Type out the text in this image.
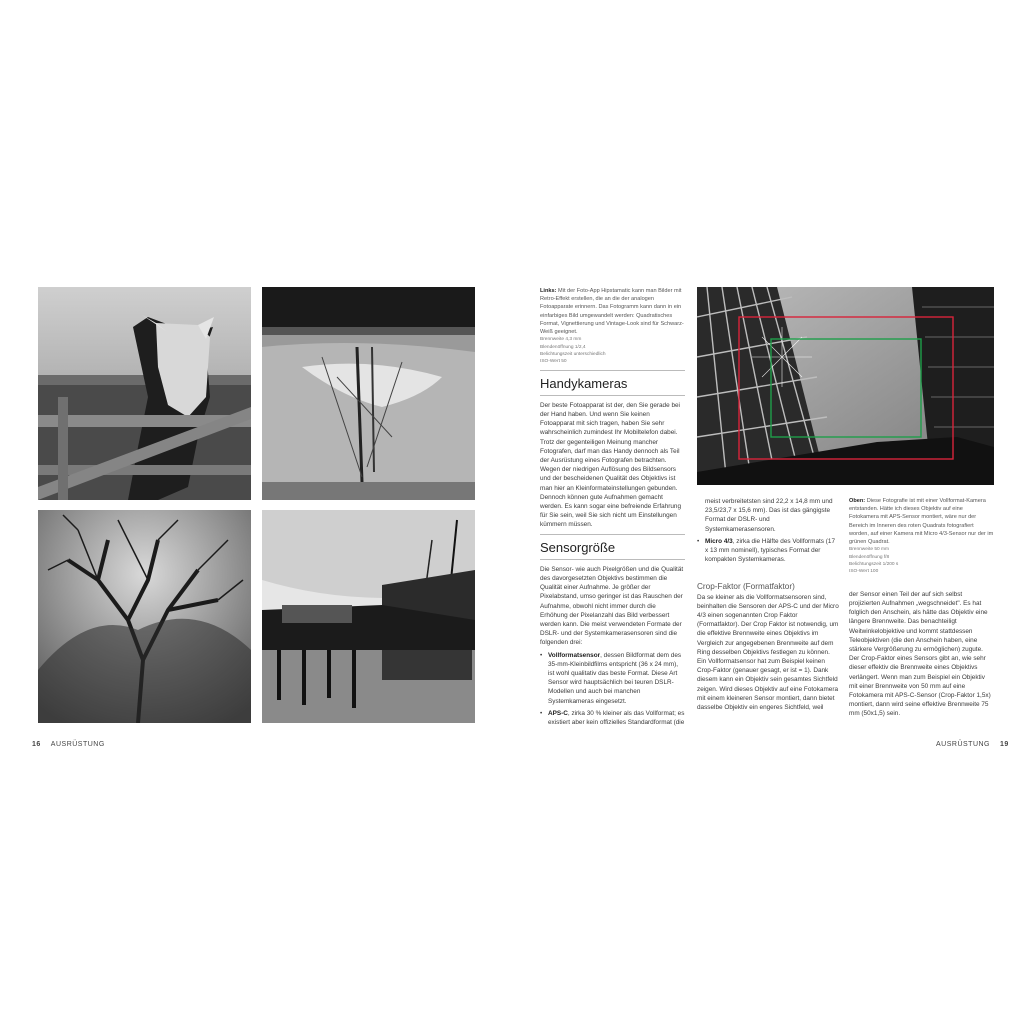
16 AUSRÜSTUNG
Links: Mit der Foto-App Hipstamatic kann man Bilder mit Retro-Effekt erstellen, die an die der analogen Fotoapparate erinnern. Das Fotogramm kann dann in ein einfarbiges Bild umgewandelt werden: Quadratisches Format, Vignettierung und Vintage-Look sind für Schwarz-Weiß geeignet.
Brennweite 4,3 mm
Blendenöffnung 1/2,4
Belichtungszeit unterschiedlich
ISO-Wert 50
Handykameras

Der beste Fotoapparat ist der, den Sie gerade bei der Hand haben. Und wenn Sie keinen Fotoapparat mit sich tragen, haben Sie sehr wahrscheinlich zumindest Ihr Mobiltelefon dabei. Trotz der gegenteiligen Meinung mancher Fotografen, darf man das Handy dennoch als Teil der Ausrüstung eines Fotografen betrachten. Wegen der niedrigen Auflösung des Bildsensors und der bescheidenen Qualität des Objektivs ist man hier an Kleinformateinstellungen gebunden. Dennoch können gute Aufnahmen gemacht werden. Es kann sogar eine befreiende Erfahrung für Sie sein, weil Sie sich nicht um Einstellungen kümmern müssen.

Sensorgröße

Die Sensor- wie auch Pixelgrößen und die Qualität des davorgesetzten Objektivs bestimmen die Qualität einer Aufnahme. Je größer der Pixelabstand, umso geringer ist das Rauschen der Aufnahme, obwohl nicht immer durch die Erhöhung der Pixelanzahl das Bild verbessert werden kann. Die meist verwendeten Formate der DSLR- und der Systemkamerasensoren sind die folgenden drei:

• Vollformatsensor, dessen Bildformat dem des 35-mm-Kleinbildfilms entspricht (36 x 24 mm), ist wohl qualitativ das beste Format. Diese Art Sensor wird hauptsächlich bei teuren DSLR-Modellen und auch bei manchen Systemkameras eingesetzt.
• APS-C, zirka 30 % kleiner als das Vollformat; es existiert aber kein offizielles Standardformat (die

meist verbreitetsten sind 22,2 x 14,8 mm und 23,5/23,7 x 15,6 mm). Das ist das gängigste Format der DSLR- und Systemkamerasensoren.

• Micro 4/3, zirka die Hälfte des Vollformats (17 x 13 mm nominell), typisches Format der kompakten Systemkameras.
Crop-Faktor (Formatfaktor)

Da se kleiner als die Vollformatsensoren sind, beinhalten die Sensoren der APS-C und der Micro 4/3 einen sogenannten Crop Faktor (Formatfaktor). Der Crop Faktor ist notwendig, um die effektive Brennweite eines Objektivs im Vergleich zur angegebenen Brennweite auf dem Ring desselben Objektivs festlegen zu können.

Ein Vollformatsensor hat zum Beispiel keinen Crop-Faktor (genauer gesagt, er ist = 1). Dank diesem kann ein Objektiv sein gesamtes Sichtfeld zeigen. Wird dieses Objektiv auf eine Fotokamera mit einem kleineren Sensor montiert, dann bietet dasselbe Objektiv ein engeres Sichtfeld, weil

Oben: Diese Fotografie ist mit einer Vollformat-Kamera entstanden. Hätte ich dieses Objektiv auf eine Fotokamera mit APS-Sensor montiert, wäre nur der Bereich im Inneren des roten Quadrats fotografiert worden, auf einer Kamera mit Micro 4/3-Sensor nur der im grünen Quadrat.
Brennweite 50 mm
Blendenöffnung f/8
Belichtungszeit 1/200 s
ISO-Wert 100

der Sensor einen Teil der auf sich selbst projizierten Aufnahmen „wegschneidet". Es hat folglich den Anschein, als hätte das Objektiv eine längere Brennweite. Das benachteiligt Weitwinkelobjektive und kommt stattdessen Teleobjektiven (die den Anschein haben, eine stärkere Vergrößerung zu ermöglichen) zugute. Der Crop-Faktor eines Sensors gibt an, wie sehr dieser effektiv die Brennweite eines Objektivs verlängert. Wenn man zum Beispiel ein Objektiv mit einer Brennweite von 50 mm auf eine Fotokamera mit APS-C-Sensor (Crop-Faktor 1,5x) montiert, dann wird seine effektive Brennweite 75 mm (50x1,5) sein.

AUSRÜSTUNG 19
